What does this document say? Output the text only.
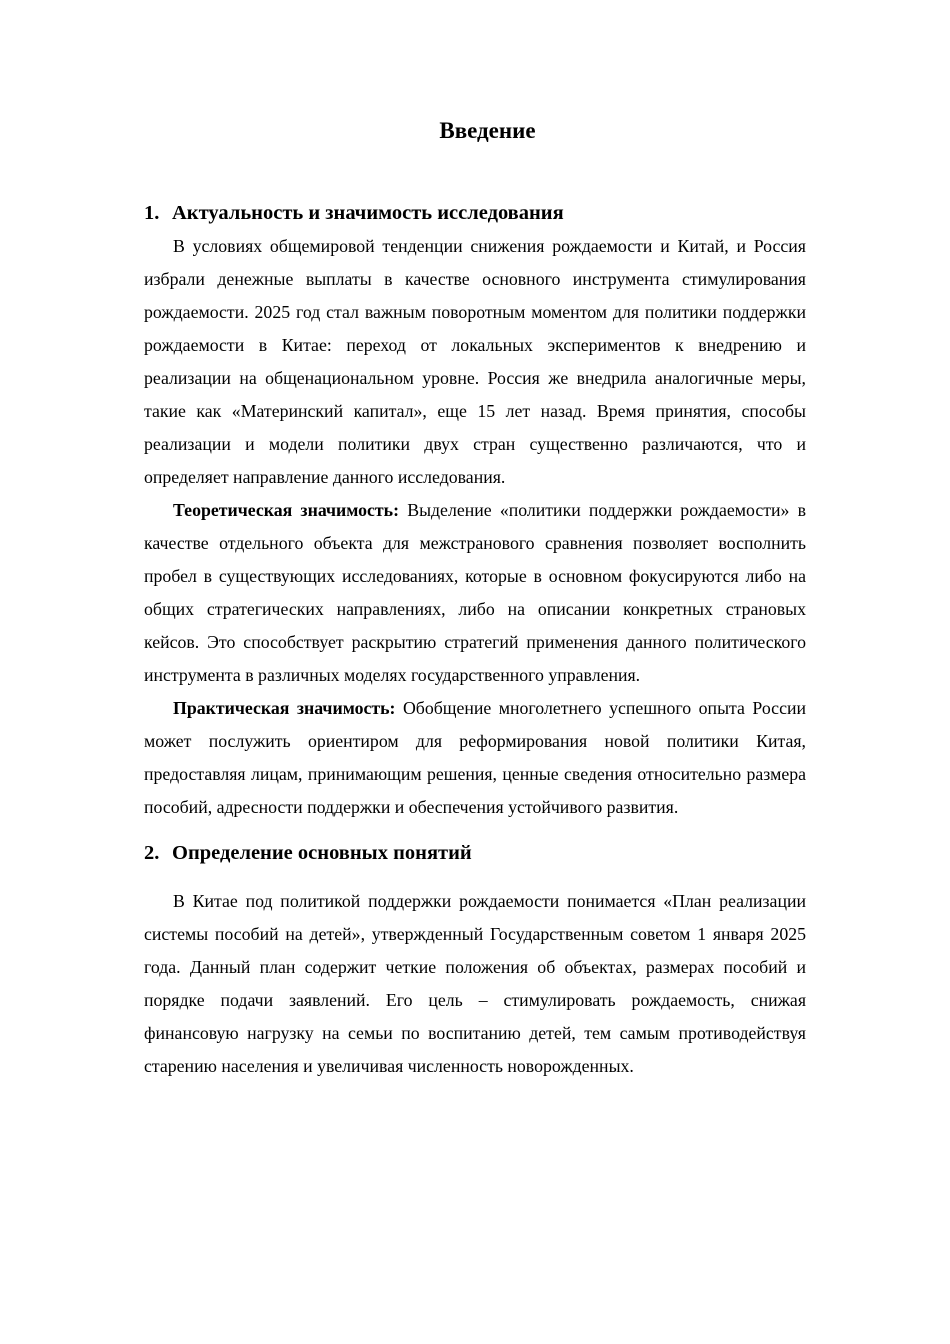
Введение
1. Актуальность и значимость исследования

В условиях общемировой тенденции снижения рождаемости и Китай, и Россия избрали денежные выплаты в качестве основного инструмента стимулирования рождаемости. 2025 год стал важным поворотным моментом для политики поддержки рождаемости в Китае: переход от локальных экспериментов к внедрению и реализации на общенациональном уровне. Россия же внедрила аналогичные меры, такие как «Материнский капитал», еще 15 лет назад. Время принятия, способы реализации и модели политики двух стран существенно различаются, что и определяет направление данного исследования.

Теоретическая значимость: Выделение «политики поддержки рождаемости» в качестве отдельного объекта для межстранового сравнения позволяет восполнить пробел в существующих исследованиях, которые в основном фокусируются либо на общих стратегических направлениях, либо на описании конкретных страновых кейсов. Это способствует раскрытию стратегий применения данного политического инструмента в различных моделях государственного управления.

Практическая значимость: Обобщение многолетнего успешного опыта России может послужить ориентиром для реформирования новой политики Китая, предоставляя лицам, принимающим решения, ценные сведения относительно размера пособий, адресности поддержки и обеспечения устойчивого развития.

2. Определение основных понятий

В Китае под политикой поддержки рождаемости понимается «План реализации системы пособий на детей», утвержденный Государственным советом 1 января 2025 года. Данный план содержит четкие положения об объектах, размерах пособий и порядке подачи заявлений. Его цель – стимулировать рождаемость, снижая финансовую нагрузку на семьи по воспитанию детей, тем самым противодействуя старению населения и увеличивая численность новорожденных.
